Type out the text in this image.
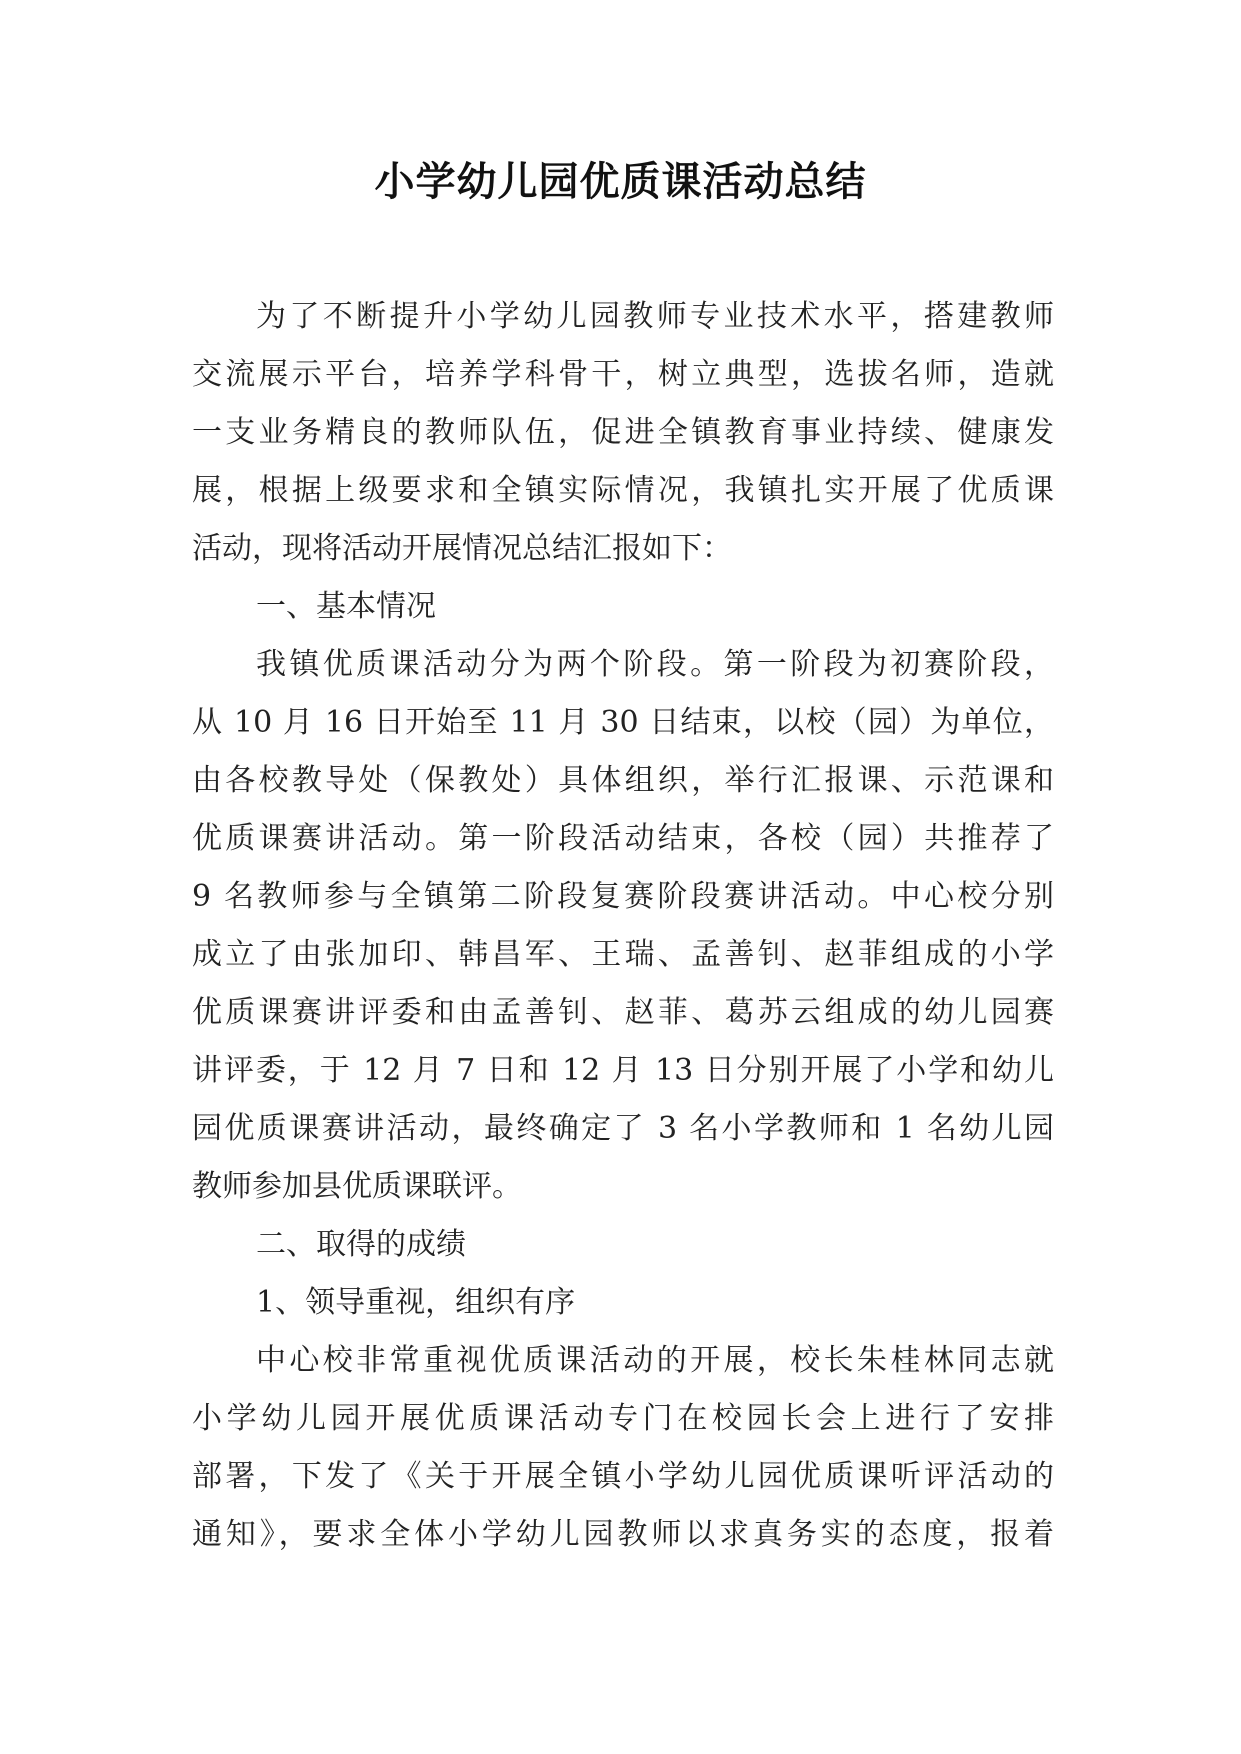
小学幼儿园优质课活动总结
为了不断提升小学幼儿园教师专业技术水平，搭建教师
交流展示平台，培养学科骨干，树立典型，选拔名师，造就
一支业务精良的教师队伍，促进全镇教育事业持续、健康发
展，根据上级要求和全镇实际情况，我镇扎实开展了优质课
活动，现将活动开展情况总结汇报如下：
一、基本情况
我镇优质课活动分为两个阶段。第一阶段为初赛阶段，
从 10 月 16 日开始至 11 月 30 日结束，以校（园）为单位，
由各校教导处（保教处）具体组织，举行汇报课、示范课和
优质课赛讲活动。第一阶段活动结束，各校（园）共推荐了
9 名教师参与全镇第二阶段复赛阶段赛讲活动。中心校分别
成立了由张加印、韩昌军、王瑞、孟善钊、赵菲组成的小学
优质课赛讲评委和由孟善钊、赵菲、葛苏云组成的幼儿园赛
讲评委，于 12 月 7 日和 12 月 13 日分别开展了小学和幼儿
园优质课赛讲活动，最终确定了 3 名小学教师和 1 名幼儿园
教师参加县优质课联评。
二、取得的成绩
1、领导重视，组织有序
中心校非常重视优质课活动的开展，校长朱桂林同志就
小学幼儿园开展优质课活动专门在校园长会上进行了安排
部署，下发了《关于开展全镇小学幼儿园优质课听评活动的
通知》，要求全体小学幼儿园教师以求真务实的态度，报着
